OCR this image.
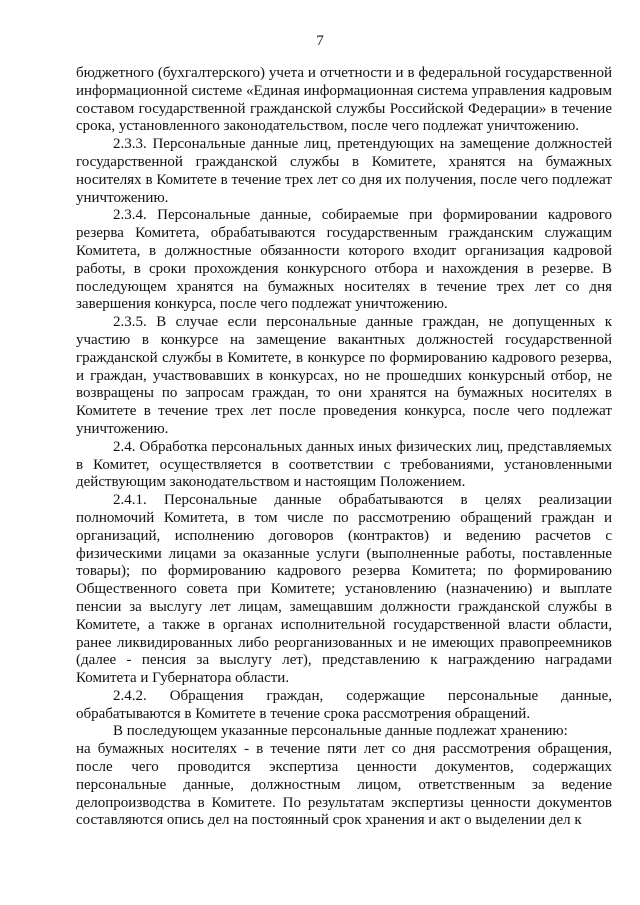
7

бюджетного (бухгалтерского) учета и отчетности и в федеральной государственной информационной системе «Единая информационная система управления кадровым составом государственной гражданской службы Российской Федерации» в течение срока, установленного законодательством, после чего подлежат уничтожению.

2.3.3. Персональные данные лиц, претендующих на замещение должностей государственной гражданской службы в Комитете, хранятся на бумажных носителях в Комитете в течение трех лет со дня их получения, после чего подлежат уничтожению.

2.3.4. Персональные данные, собираемые при формировании кадрового резерва Комитета, обрабатываются государственным гражданским служащим Комитета, в должностные обязанности которого входит организация кадровой работы, в сроки прохождения конкурсного отбора и нахождения в резерве. В последующем хранятся на бумажных носителях в течение трех лет со дня завершения конкурса, после чего подлежат уничтожению.

2.3.5. В случае если персональные данные граждан, не допущенных к участию в конкурсе на замещение вакантных должностей государственной гражданской службы в Комитете, в конкурсе по формированию кадрового резерва, и граждан, участвовавших в конкурсах, но не прошедших конкурсный отбор, не возвращены по запросам граждан, то они хранятся на бумажных носителях в Комитете в течение трех лет после проведения конкурса, после чего подлежат уничтожению.

2.4. Обработка персональных данных иных физических лиц, представляемых в Комитет, осуществляется в соответствии с требованиями, установленными действующим законодательством и настоящим Положением.

2.4.1. Персональные данные обрабатываются в целях реализации полномочий Комитета, в том числе по рассмотрению обращений граждан и организаций, исполнению договоров (контрактов) и ведению расчетов с физическими лицами за оказанные услуги (выполненные работы, поставленные товары); по формированию кадрового резерва Комитета; по формированию Общественного совета при Комитете; установлению (назначению) и выплате пенсии за выслугу лет лицам, замещавшим должности гражданской службы в Комитете, а также в органах исполнительной государственной власти области, ранее ликвидированных либо реорганизованных и не имеющих правопреемников (далее - пенсия за выслугу лет), представлению к награждению наградами Комитета и Губернатора области.

2.4.2. Обращения граждан, содержащие персональные данные, обрабатываются в Комитете в течение срока рассмотрения обращений.

В последующем указанные персональные данные подлежат хранению:

на бумажных носителях - в течение пяти лет со дня рассмотрения обращения, после чего проводится экспертиза ценности документов, содержащих персональные данные, должностным лицом, ответственным за ведение делопроизводства в Комитете. По результатам экспертизы ценности документов составляются опись дел на постоянный срок хранения и акт о выделении дел к
